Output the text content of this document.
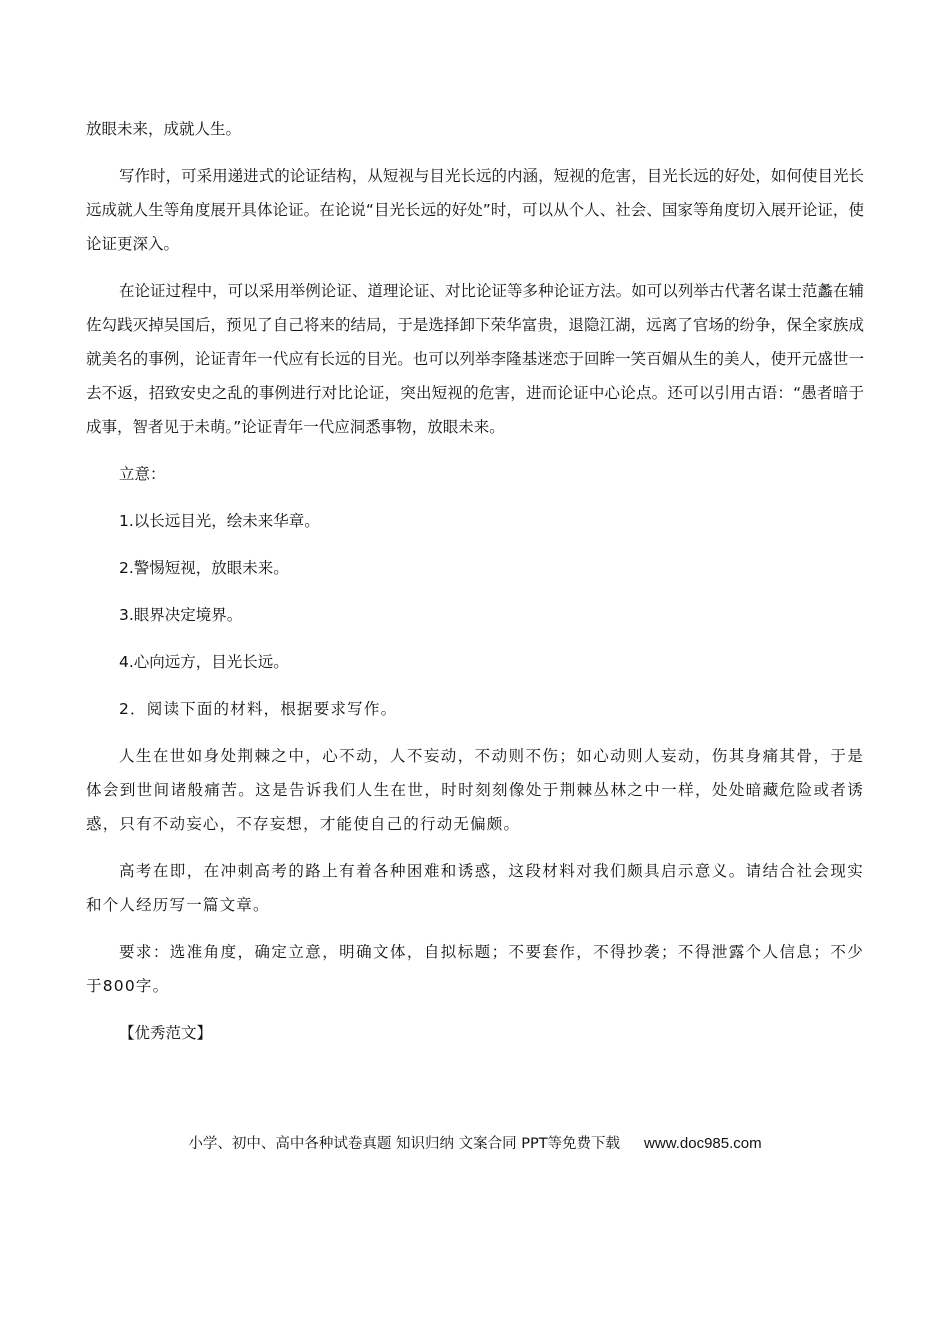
放眼未来，成就人生。

写作时，可采用递进式的论证结构，从短视与目光长远的内涵，短视的危害，目光长远的好处，如何使目光长远成就人生等角度展开具体论证。在论说“目光长远的好处”时，可以从个人、社会、国家等角度切入展开论证，使论证更深入。

在论证过程中，可以采用举例论证、道理论证、对比论证等多种论证方法。如可以列举古代著名谋士范蠡在辅佐勾践灭掉吴国后，预见了自己将来的结局，于是选择卸下荣华富贵，退隐江湖，远离了官场的纷争，保全家族成就美名的事例，论证青年一代应有长远的目光。也可以列举李隆基迷恋于回眸一笑百媚从生的美人，使开元盛世一去不返，招致安史之乱的事例进行对比论证，突出短视的危害，进而论证中心论点。还可以引用古语：“愚者暗于成事，智者见于未萌。”论证青年一代应洞悉事物，放眼未来。

立意：

1.以长远目光，绘未来华章。

2.警惕短视，放眼未来。

3.眼界决定境界。

4.心向远方，目光长远。

2．阅读下面的材料，根据要求写作。

人生在世如身处荆棘之中，心不动，人不妄动，不动则不伤；如心动则人妄动，伤其身痛其骨，于是体会到世间诸般痛苦。这是告诉我们人生在世，时时刻刻像处于荆棘丛林之中一样，处处暗藏危险或者诱惑，只有不动妄心，不存妄想，才能使自己的行动无偏颇。

高考在即，在冲刺高考的路上有着各种困难和诱惑，这段材料对我们颇具启示意义。请结合社会现实和个人经历写一篇文章。

要求：选准角度，确定立意，明确文体，自拟标题；不要套作，不得抄袭；不得泄露个人信息；不少于800字。

【优秀范文】

小学、初中、高中各种试卷真题 知识归纳 文案合同 PPT等免费下载 www.doc985.com
